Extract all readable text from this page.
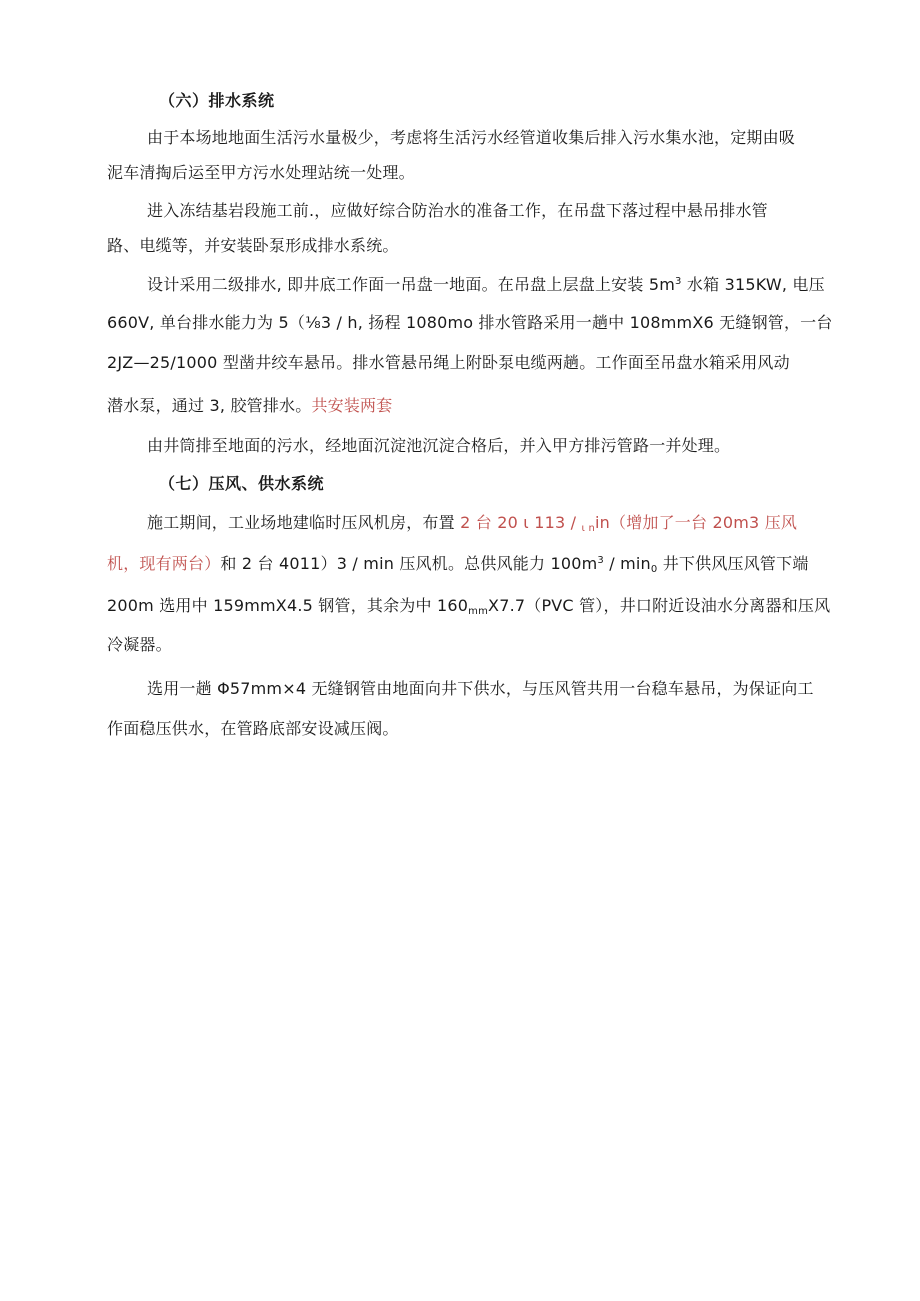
（六）排水系统
由于本场地地面生活污水量极少，考虑将生活污水经管道收集后排入污水集水池，定期由吸
泥车清掏后运至甲方污水处理站统一处理。
进入冻结基岩段施工前.，应做好综合防治水的准备工作，在吊盘下落过程中悬吊排水管
路、电缆等，并安装卧泵形成排水系统。
设计采用二级排水, 即井底工作面一吊盘一地面。在吊盘上层盘上安装 $5m^3$ 水箱 315KW, 电压
660V, 单台排水能力为 5（⅛3 / h, 扬程 1080mo 排水管路采用一趟中 108mmX6 无缝钢管，一台
2JZ—25/1000 型凿井绞车悬吊。排水管悬吊绳上附卧泵电缆两趟。工作面至吊盘水箱采用风动
潜水泵，通过 3, 胶管排水。共安装两套
由井筒排至地面的污水，经地面沉淀池沉淀合格后，并入甲方排污管路一并处理。
（七）压风、供水系统
施工期间，工业场地建临时压风机房，布置 2 台 20 ι 113 / $_{\iota n}$in（增加了一台 20m3 压风
机，现有两台）和 2 台 4011）3 / min 压风机。总供风能力 $100m^3 / \min_0$ 井下供风压风管下端
200m 选用中 159mmX4.5 钢管，其余为中 $160_{mm}X7.7(PVC$ 管），井口附近设油水分离器和压风
冷凝器。
选用一趟 Φ57mm×4 无缝钢管由地面向井下供水，与压风管共用一台稳车悬吊，为保证向工
作面稳压供水，在管路底部安设减压阀。
